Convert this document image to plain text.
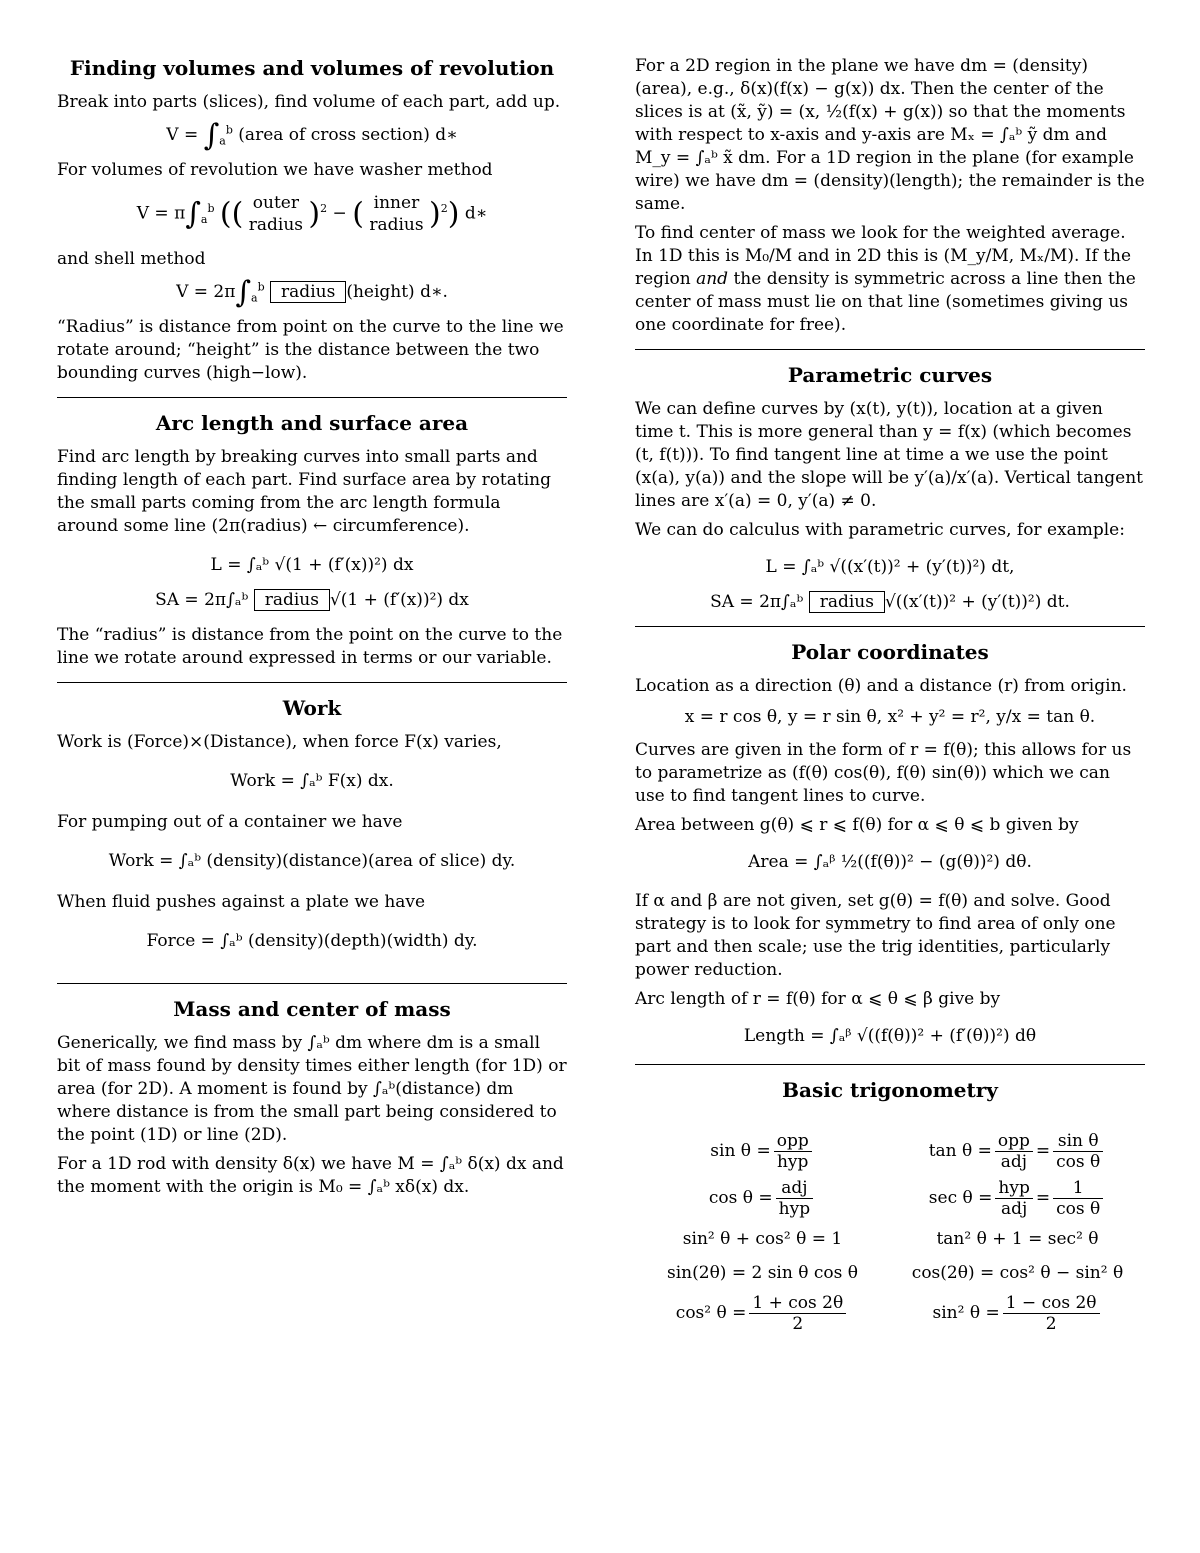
Finding volumes and volumes of revolution

Break into parts (slices), find volume of each part, add up.

$V = \int_a^b$ (area of cross section) d∗

For volumes of revolution we have washer method

$V = \pi\int_a^b$ (( outer
radius )$^2$ − ( inner
radius )$^2$) d∗

and shell method

$V = 2\pi\int_a^b$ radius (height) d∗.

“Radius” is distance from point on the curve to the line we rotate around; “height” is the distance between the two bounding curves (high−low).

Arc length and surface area

Find arc length by breaking curves into small parts and finding length of each part. Find surface area by rotating the small parts coming from the arc length formula around some line (2π(radius) ← circumference).

L = ∫ₐᵇ √(1 + (f′(x))²) dx
SA = 2π∫ₐᵇ radius √(1 + (f′(x))²) dx

The “radius” is distance from the point on the curve to the line we rotate around expressed in terms or our variable.

Work

Work is (Force)×(Distance), when force F(x) varies,

Work = ∫ₐᵇ F(x) dx.

For pumping out of a container we have

Work = ∫ₐᵇ (density)(distance)(area of slice) dy.

When fluid pushes against a plate we have

Force = ∫ₐᵇ (density)(depth)(width) dy.
Mass and center of mass

Generically, we find mass by ∫ₐᵇ dm where dm is a small bit of mass found by density times either length (for 1D) or area (for 2D). A moment is found by ∫ₐᵇ(distance) dm where distance is from the small part being considered to the point (1D) or line (2D).

For a 1D rod with density δ(x) we have M = ∫ₐᵇ δ(x) dx and the moment with the origin is M₀ = ∫ₐᵇ xδ(x) dx.

For a 2D region in the plane we have dm = (density)(area), e.g., δ(x)(f(x) − g(x)) dx. Then the center of the slices is at (x̃, ỹ) = (x, ½(f(x) + g(x)) so that the moments with respect to x-axis and y-axis are Mₓ = ∫ₐᵇ ỹ dm and M_y = ∫ₐᵇ x̃ dm. For a 1D region in the plane (for example wire) we have dm = (density)(length); the remainder is the same.

To find center of mass we look for the weighted average. In 1D this is M₀/M and in 2D this is (M_y/M, Mₓ/M). If the region and the density is symmetric across a line then the center of mass must lie on that line (sometimes giving us one coordinate for free).

Parametric curves

We can define curves by (x(t), y(t)), location at a given time t. This is more general than y = f(x) (which becomes (t, f(t))). To find tangent line at time a we use the point (x(a), y(a)) and the slope will be y′(a)/x′(a). Vertical tangent lines are x′(a) = 0, y′(a) ≠ 0.

We can do calculus with parametric curves, for example:

L = ∫ₐᵇ √((x′(t))² + (y′(t))²) dt,
SA = 2π∫ₐᵇ radius √((x′(t))² + (y′(t))²) dt.
Polar coordinates

Location as a direction (θ) and a distance (r) from origin.

x = r cos θ, y = r sin θ, x² + y² = r², y/x = tan θ.

Curves are given in the form of r = f(θ); this allows for us to parametrize as (f(θ) cos(θ), f(θ) sin(θ)) which we can use to find tangent lines to curve.

Area between g(θ) ⩽ r ⩽ f(θ) for α ⩽ θ ⩽ b given by

Area = ∫ₐᵝ ½((f(θ))² − (g(θ))²) dθ.

If α and β are not given, set g(θ) = f(θ) and solve. Good strategy is to look for symmetry to find area of only one part and then scale; use the trig identities, particularly power reduction.

Arc length of r = f(θ) for α ⩽ θ ⩽ β give by

Length = ∫ₐᵝ √((f(θ))² + (f′(θ))²) dθ
Basic trigonometry
$\sin \theta = \frac{\text{opp}}{\text{hyp}}$	$\tan \theta = \frac{\text{opp}}{\text{adj}} = \frac{\text{sin θ}}{\text{cos θ}}$
$\cos \theta = \frac{\text{adj}}{\text{hyp}}$	$\sec \theta = \frac{\text{hyp}}{\text{adj}} = \frac{1}{\text{cos θ}}$
sin² θ + cos² θ = 1	tan² θ + 1 = sec² θ
sin(2θ) = 2 sin θ cos θ	cos(2θ) = cos² θ − sin² θ
cos² $\theta = \frac{1 + \cos 2\theta}{2}$	sin² $\theta = \frac{1 - \cos 2\theta}{2}$
